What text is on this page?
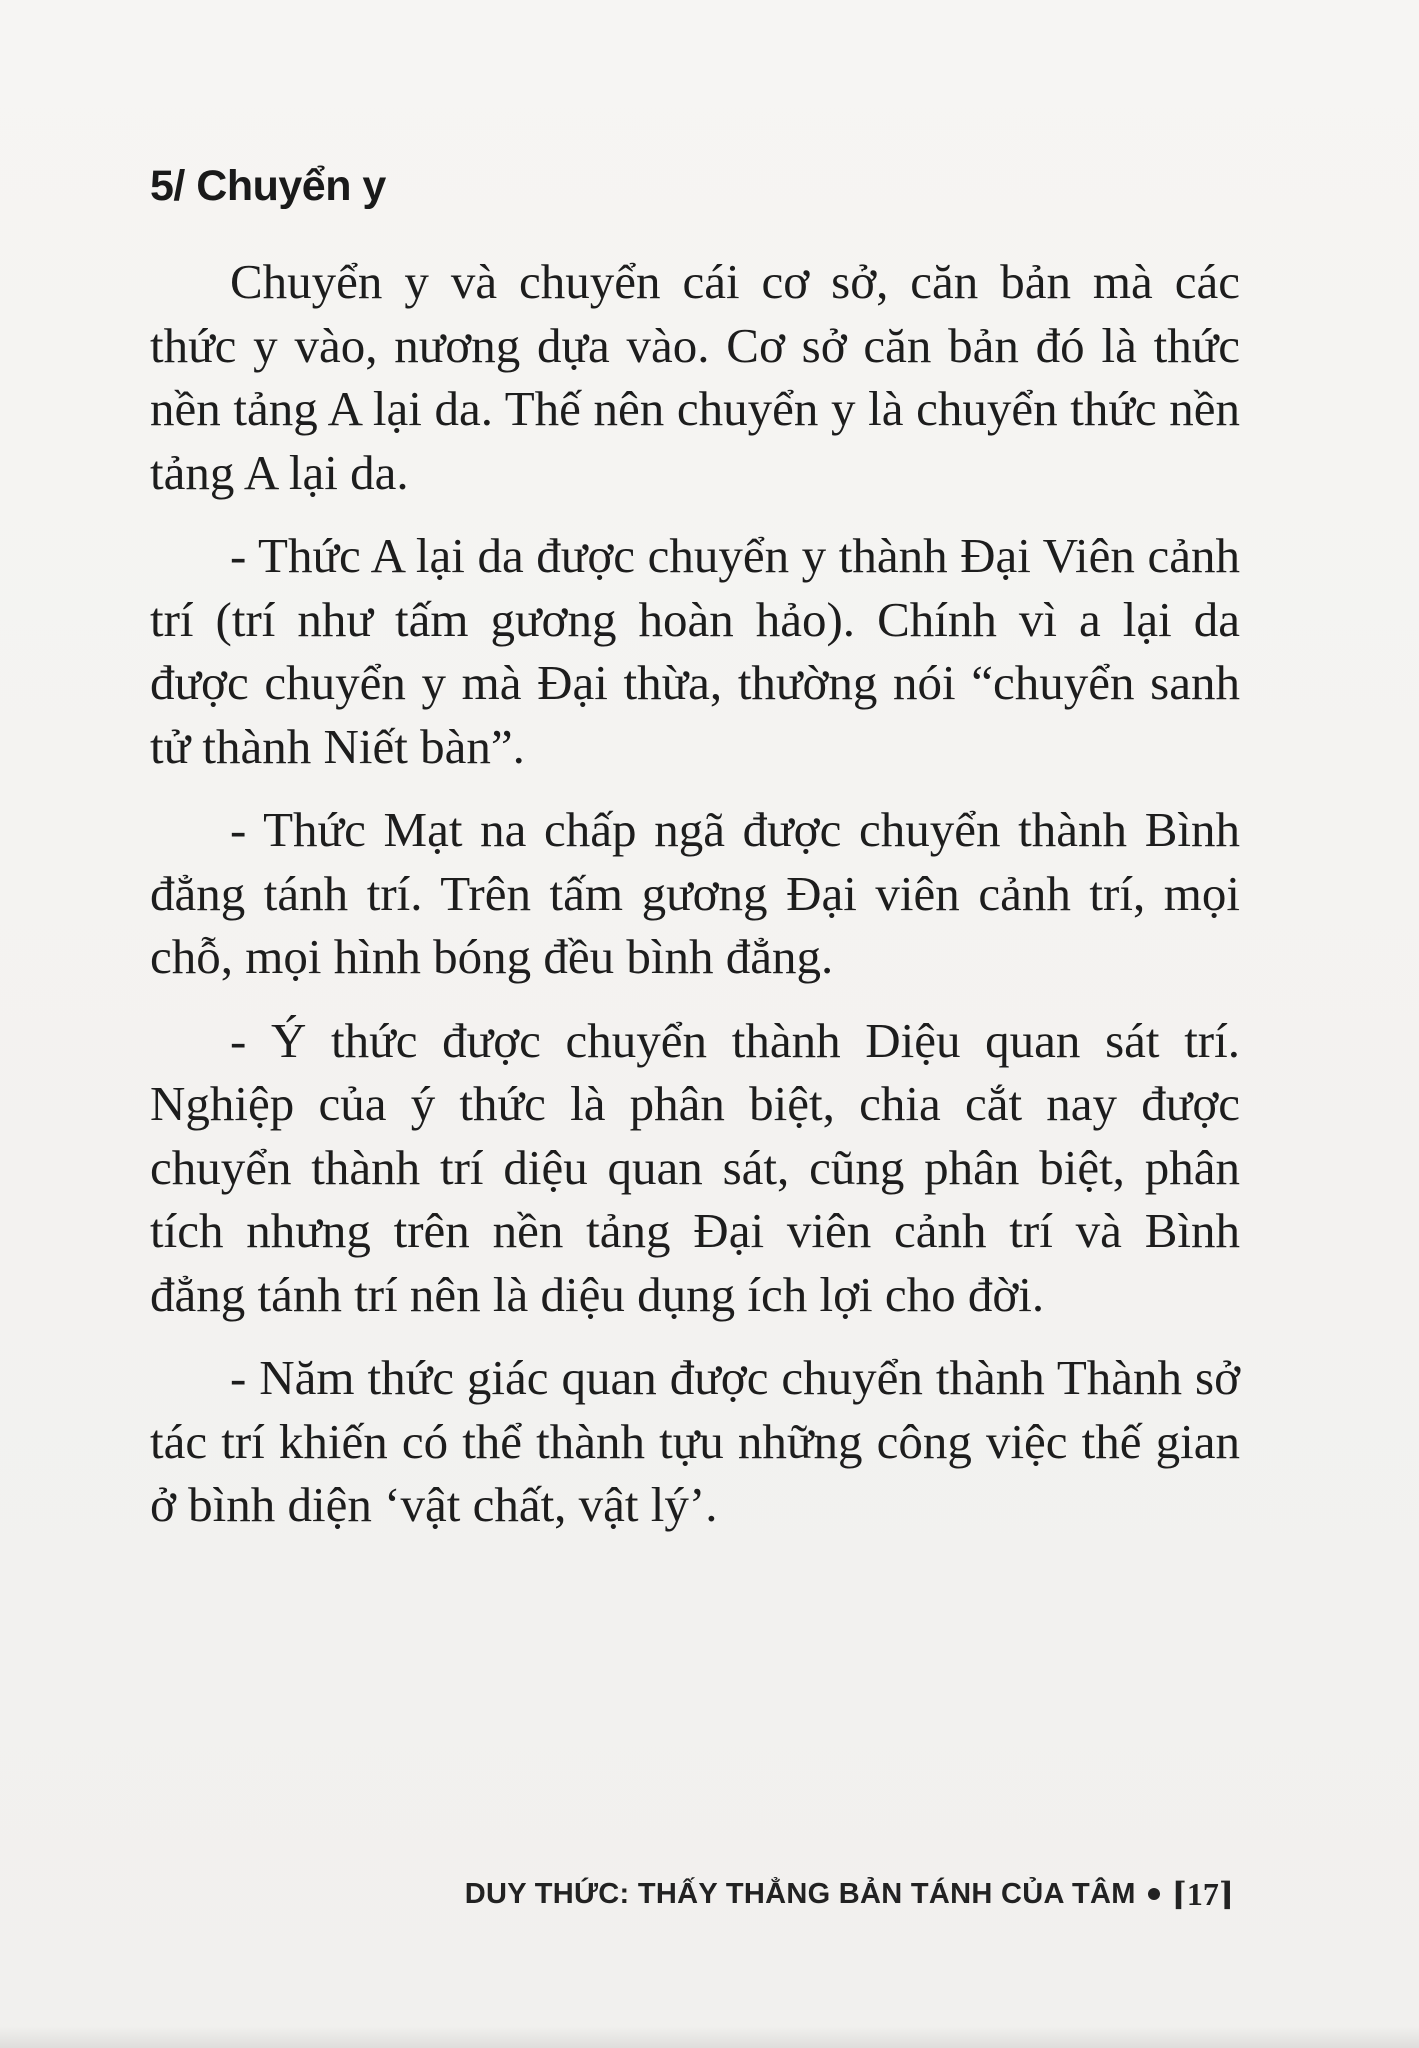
5/ Chuyển y

Chuyển y và chuyển cái cơ sở, căn bản mà các thức y vào, nương dựa vào. Cơ sở căn bản đó là thức nền tảng A lại da. Thế nên chuyển y là chuyển thức nền tảng A lại da.

- Thức A lại da được chuyển y thành Đại Viên cảnh trí (trí như tấm gương hoàn hảo). Chính vì a lại da được chuyển y mà Đại thừa, thường nói “chuyển sanh tử thành Niết bàn”.

- Thức Mạt na chấp ngã được chuyển thành Bình đẳng tánh trí. Trên tấm gương Đại viên cảnh trí, mọi chỗ, mọi hình bóng đều bình đẳng.

- Ý thức được chuyển thành Diệu quan sát trí. Nghiệp của ý thức là phân biệt, chia cắt nay được chuyển thành trí diệu quan sát, cũng phân biệt, phân tích nhưng trên nền tảng Đại viên cảnh trí và Bình đẳng tánh trí nên là diệu dụng ích lợi cho đời.

- Năm thức giác quan được chuyển thành Thành sở tác trí khiến có thể thành tựu những công việc thế gian ở bình diện ‘vật chất, vật lý’.

DUY THỨC: THẤY THẲNG BẢN TÁNH CỦA TÂM ⌈17⌉
